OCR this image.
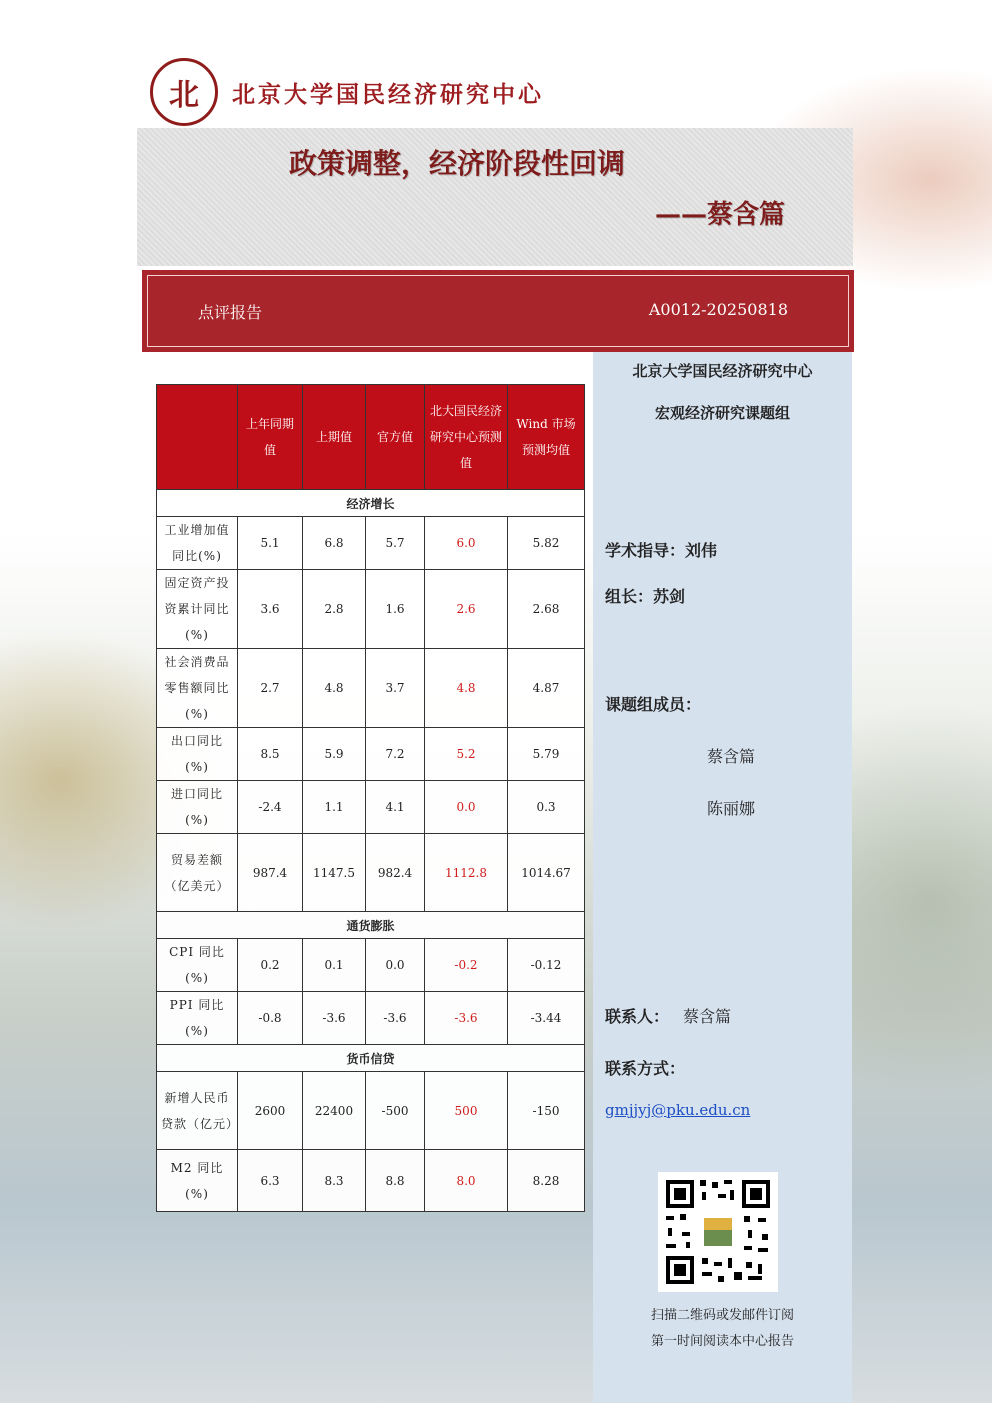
北	北京大学国民经济研究中心
政策调整，经济阶段性回调
——蔡含篇
点评报告	A0012-20250818
	上年同期值	上期值	官方值	北大国民经济研究中心预测值	Wind 市场预测均值
经济增长					
工业增加值同比(%)	5.1	6.8	5.7	6.0	5.82
固定资产投资累计同比(%)	3.6	2.8	1.6	2.6	2.68
社会消费品零售额同比(%)	2.7	4.8	3.7	4.8	4.87
出口同比(%)	8.5	5.9	7.2	5.2	5.79
进口同比(%)	-2.4	1.1	4.1	0.0	0.3
贸易差额（亿美元）	987.4	1147.5	982.4	1112.8	1014.67
通货膨胀					
CPI 同比(%)	0.2	0.1	0.0	-0.2	-0.12
PPI 同比(%)	-0.8	-3.6	-3.6	-3.6	-3.44
货币信贷					
新增人民币贷款（亿元）	2600	22400	-500	500	-150
M2 同比(%)	6.3	8.3	8.8	8.0	8.28
北京大学国民经济研究中心
宏观经济研究课题组
学术指导：刘伟
组长：苏剑
课题组成员：
蔡含篇
陈丽娜
联系人： 蔡含篇
联系方式：
gmjjyj@pku.edu.cn
扫描二维码或发邮件订阅
第一时间阅读本中心报告
